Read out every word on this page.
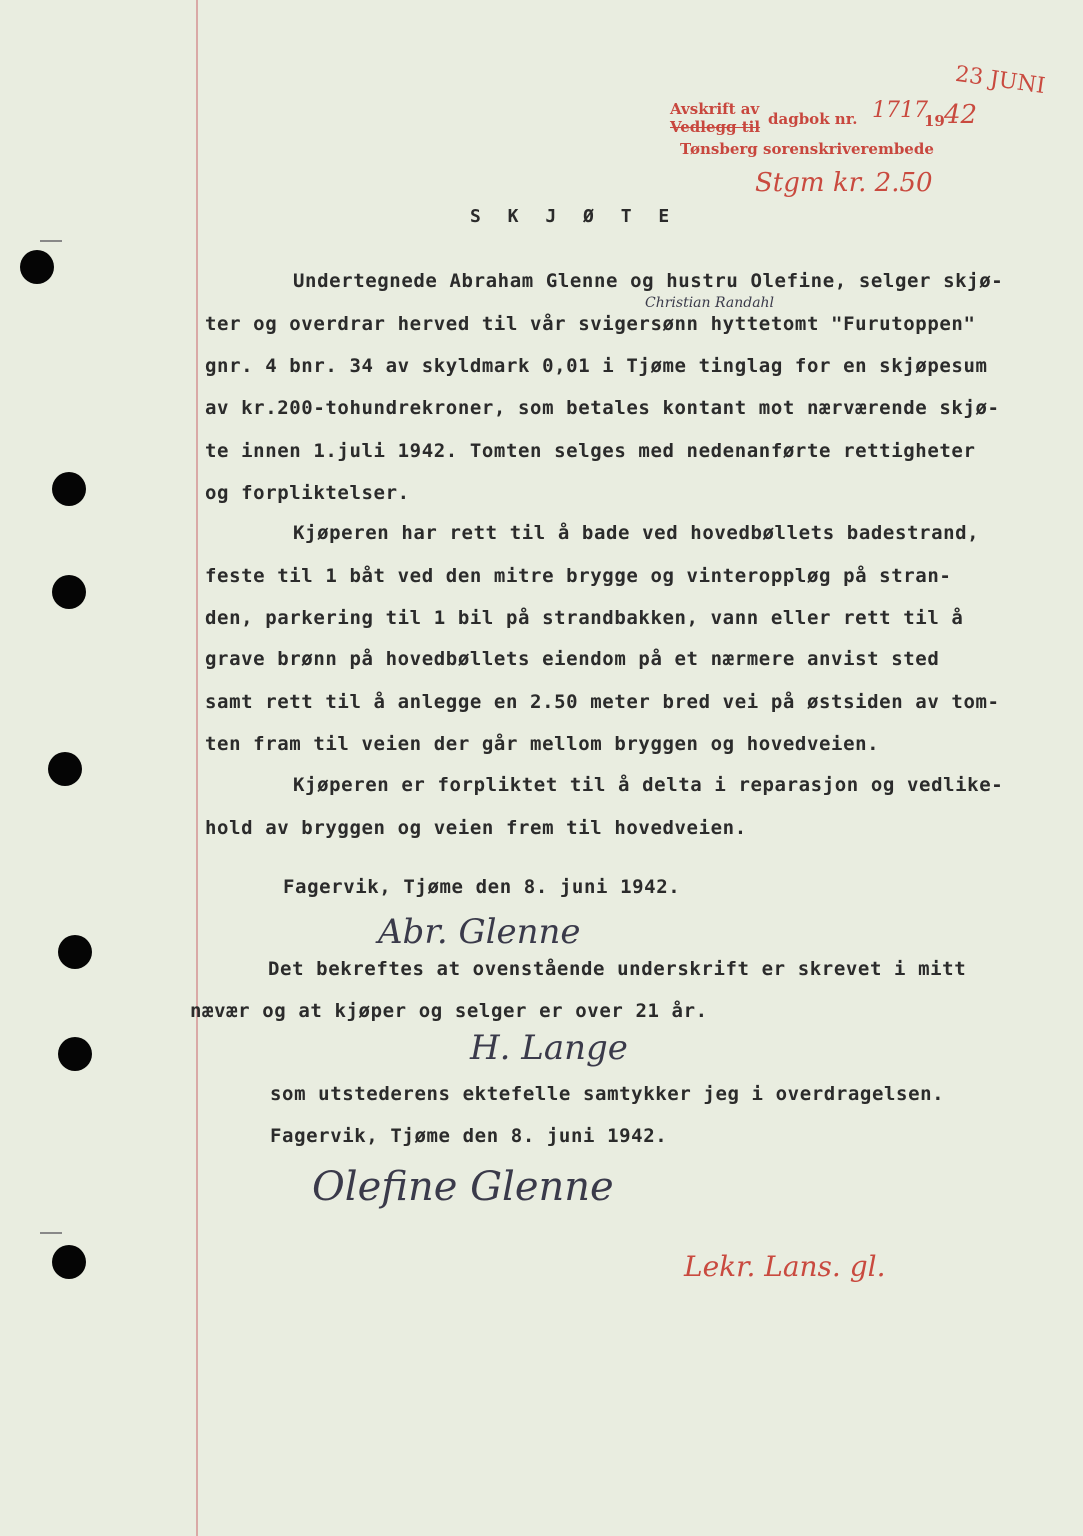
Avskrift av
Vedlegg til dagbok nr. 1717
19 42
Tønsberg sorenskriverembede
23 JUNI
Stgm kr. 2.50
S K J Ø T E
Christian Randahl
Undertegnede Abraham Glenne og hustru Olefine, selger skjø-
ter og overdrar herved til vår svigersønn hyttetomt "Furutoppen"
gnr. 4 bnr. 34 av skyldmark 0,01 i Tjøme tinglag for en skjøpesum
av kr.200-tohundrekroner, som betales kontant mot nærværende skjø-
te innen 1.juli 1942. Tomten selges med nedenanførte rettigheter
og forpliktelser.
Kjøperen har rett til å bade ved hovedbøllets badestrand,
feste til 1 båt ved den mitre brygge og vinteroppløg på stran-
den, parkering til 1 bil på strandbakken, vann eller rett til å
grave brønn på hovedbøllets eiendom på et nærmere anvist sted
samt rett til å anlegge en 2.50 meter bred vei på østsiden av tom-
ten fram til veien der går mellom bryggen og hovedveien.
Kjøperen er forpliktet til å delta i reparasjon og vedlike-
hold av bryggen og veien frem til hovedveien.
Fagervik, Tjøme den 8. juni 1942.
Abr. Glenne
Det bekreftes at ovenstående underskrift er skrevet i mitt
nævær og at kjøper og selger er over 21 år.
H. Lange
som utstederens ektefelle samtykker jeg i overdragelsen.
Fagervik, Tjøme den 8. juni 1942.
Olefine Glenne
Lekr. Lans. gl.
